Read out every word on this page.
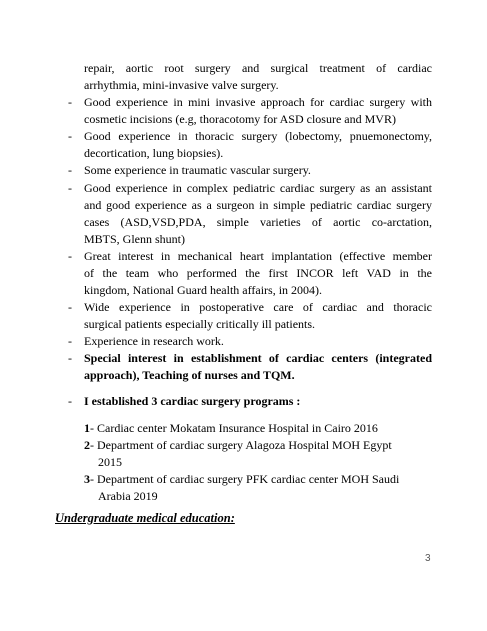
repair, aortic root surgery and surgical treatment of cardiac
arrhythmia, mini-invasive valve surgery.
- Good experience in mini invasive approach for cardiac surgery with
cosmetic incisions (e.g, thoracotomy for ASD closure and MVR)
- Good experience in thoracic surgery (lobectomy, pnuemonectomy,
decortication, lung biopsies).
- Some experience in traumatic vascular surgery.
- Good experience in complex pediatric cardiac surgery as an assistant
and good experience as a surgeon in simple pediatric cardiac surgery
cases (ASD,VSD,PDA, simple varieties of aortic co-arctation,
MBTS, Glenn shunt)
- Great interest in mechanical heart implantation (effective member
of the team who performed the first INCOR left VAD in the
kingdom, National Guard health affairs, in 2004).
- Wide experience in postoperative care of cardiac and thoracic
surgical patients especially critically ill patients.
- Experience in research work.
- Special interest in establishment of cardiac centers (integrated
approach), Teaching of nurses and TQM.
- I established 3 cardiac surgery programs :
1- Cardiac center Mokatam Insurance Hospital in Cairo 2016
2- Department of cardiac surgery Alagoza Hospital MOH Egypt
2015
3- Department of cardiac surgery PFK cardiac center MOH Saudi
Arabia 2019
Undergraduate medical education:
3
